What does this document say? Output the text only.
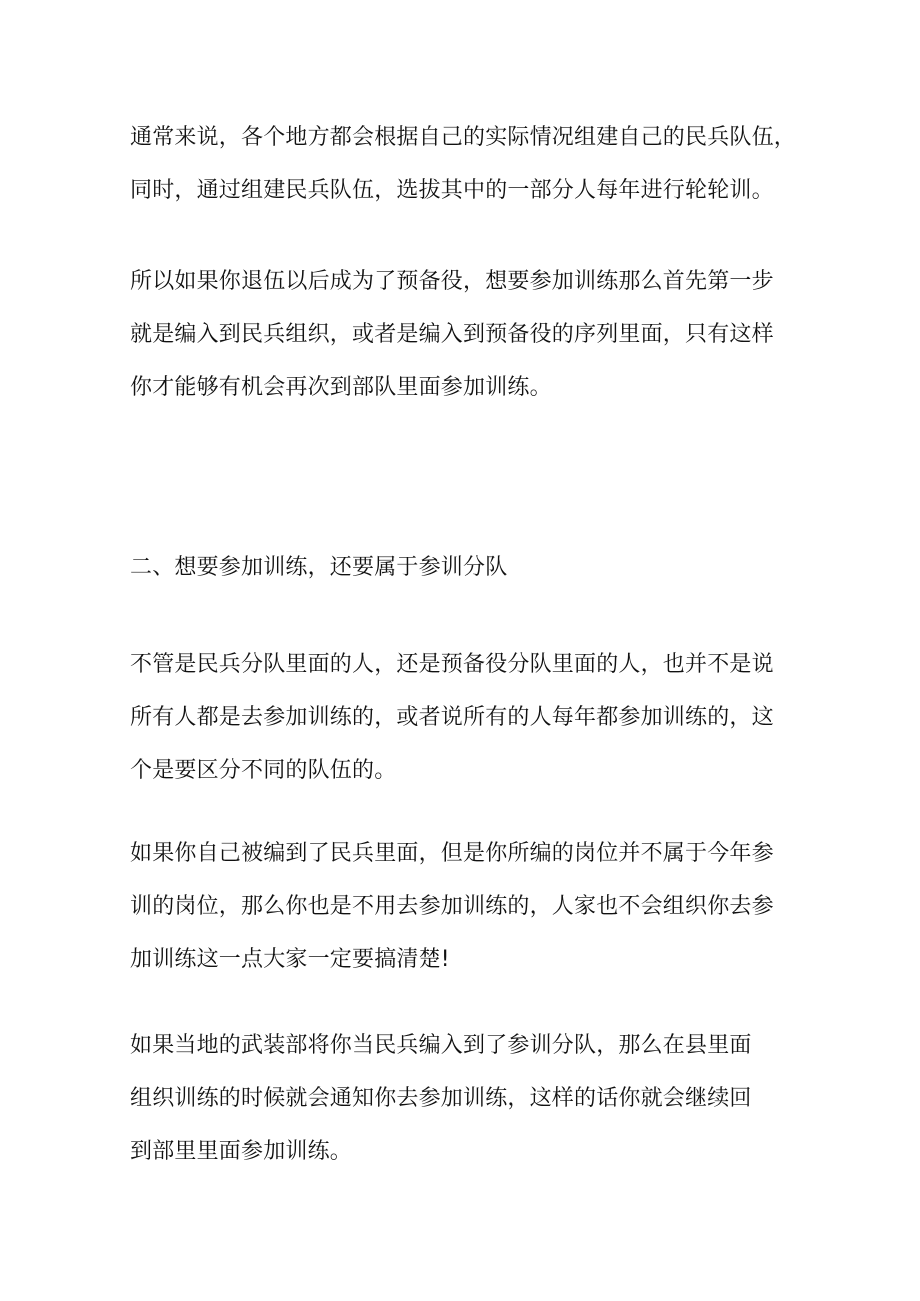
通常来说，各个地方都会根据自己的实际情况组建自己的民兵队伍，
同时，通过组建民兵队伍，选拔其中的一部分人每年进行轮轮训。
所以如果你退伍以后成为了预备役，想要参加训练那么首先第一步
就是编入到民兵组织，或者是编入到预备役的序列里面，只有这样
你才能够有机会再次到部队里面参加训练。
二、想要参加训练，还要属于参训分队
不管是民兵分队里面的人，还是预备役分队里面的人，也并不是说
所有人都是去参加训练的，或者说所有的人每年都参加训练的，这
个是要区分不同的队伍的。
如果你自己被编到了民兵里面，但是你所编的岗位并不属于今年参
训的岗位，那么你也是不用去参加训练的，人家也不会组织你去参
加训练这一点大家一定要搞清楚!
如果当地的武装部将你当民兵编入到了参训分队，那么在县里面
组织训练的时候就会通知你去参加训练，这样的话你就会继续回
到部里里面参加训练。
